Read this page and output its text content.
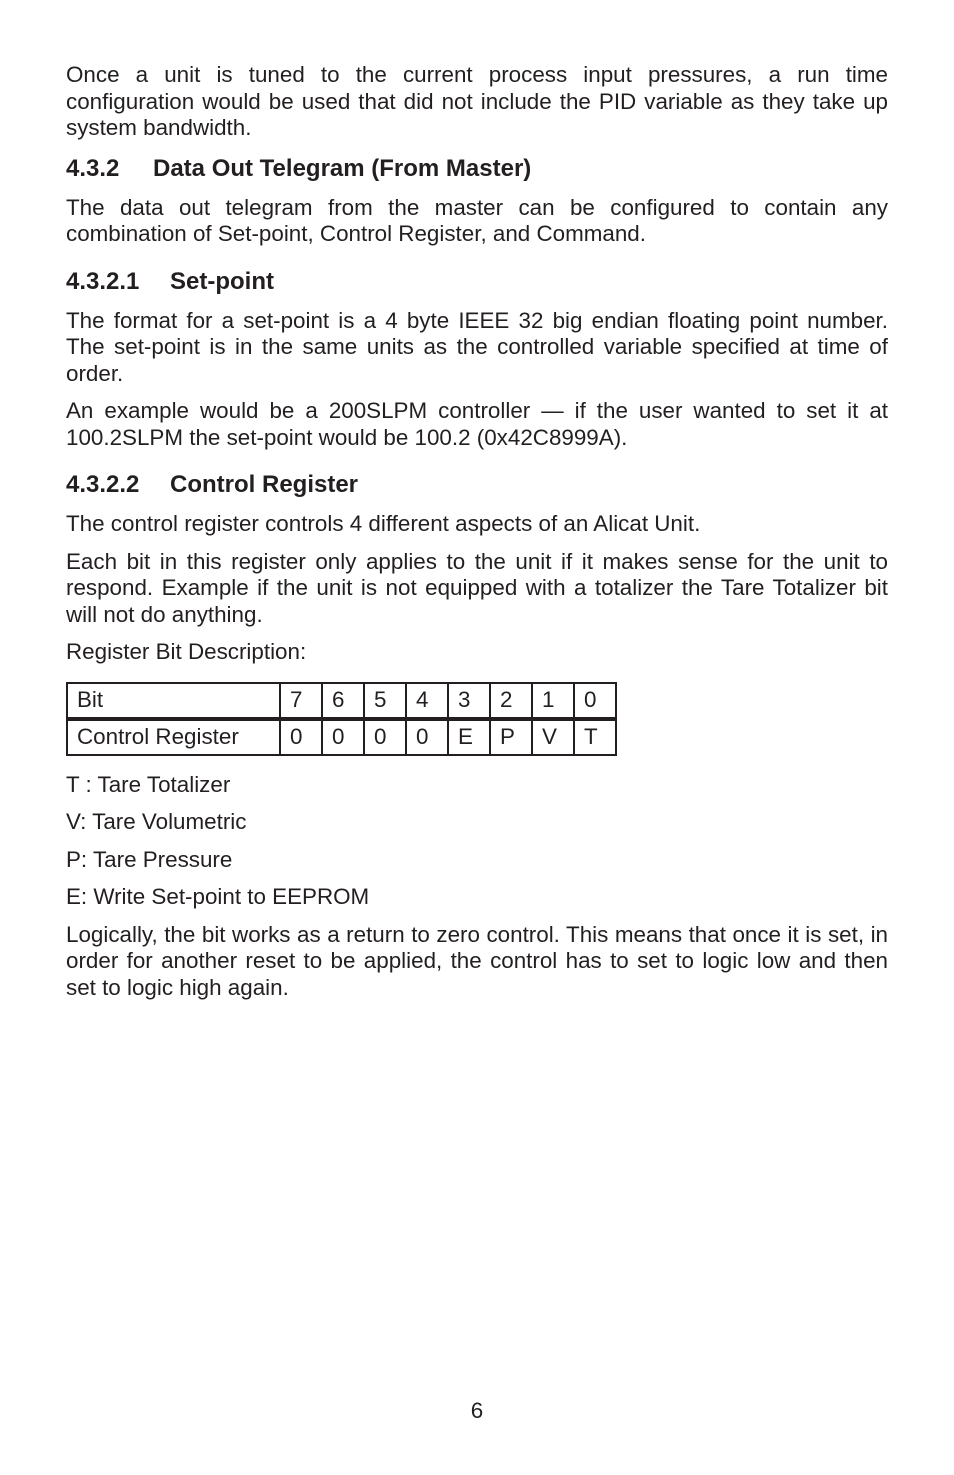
Once a unit is tuned to the current process input pressures, a run time configuration would be used that did not include the PID variable as they take up system bandwidth.

4.3.2 Data Out Telegram (From Master)

The data out telegram from the master can be configured to contain any combination of Set-point, Control Register, and Command.

4.3.2.1 Set-point

The format for a set-point is a 4 byte IEEE 32 big endian floating point number. The set-point is in the same units as the controlled variable specified at time of order.

An example would be a 200SLPM controller — if the user wanted to set it at 100.2SLPM the set-point would be 100.2 (0x42C8999A).

4.3.2.2 Control Register

The control register controls 4 different aspects of an Alicat Unit.

Each bit in this register only applies to the unit if it makes sense for the unit to respond. Example if the unit is not equipped with a totalizer the Tare Totalizer bit will not do anything.

Register Bit Description:

Bit	7	6	5	4	3	2	1	0
Control Register	0	0	0	0	E	P	V	T

T : Tare Totalizer

V: Tare Volumetric

P: Tare Pressure

E: Write Set-point to EEPROM

Logically, the bit works as a return to zero control. This means that once it is set, in order for another reset to be applied, the control has to set to logic low and then set to logic high again.

6
